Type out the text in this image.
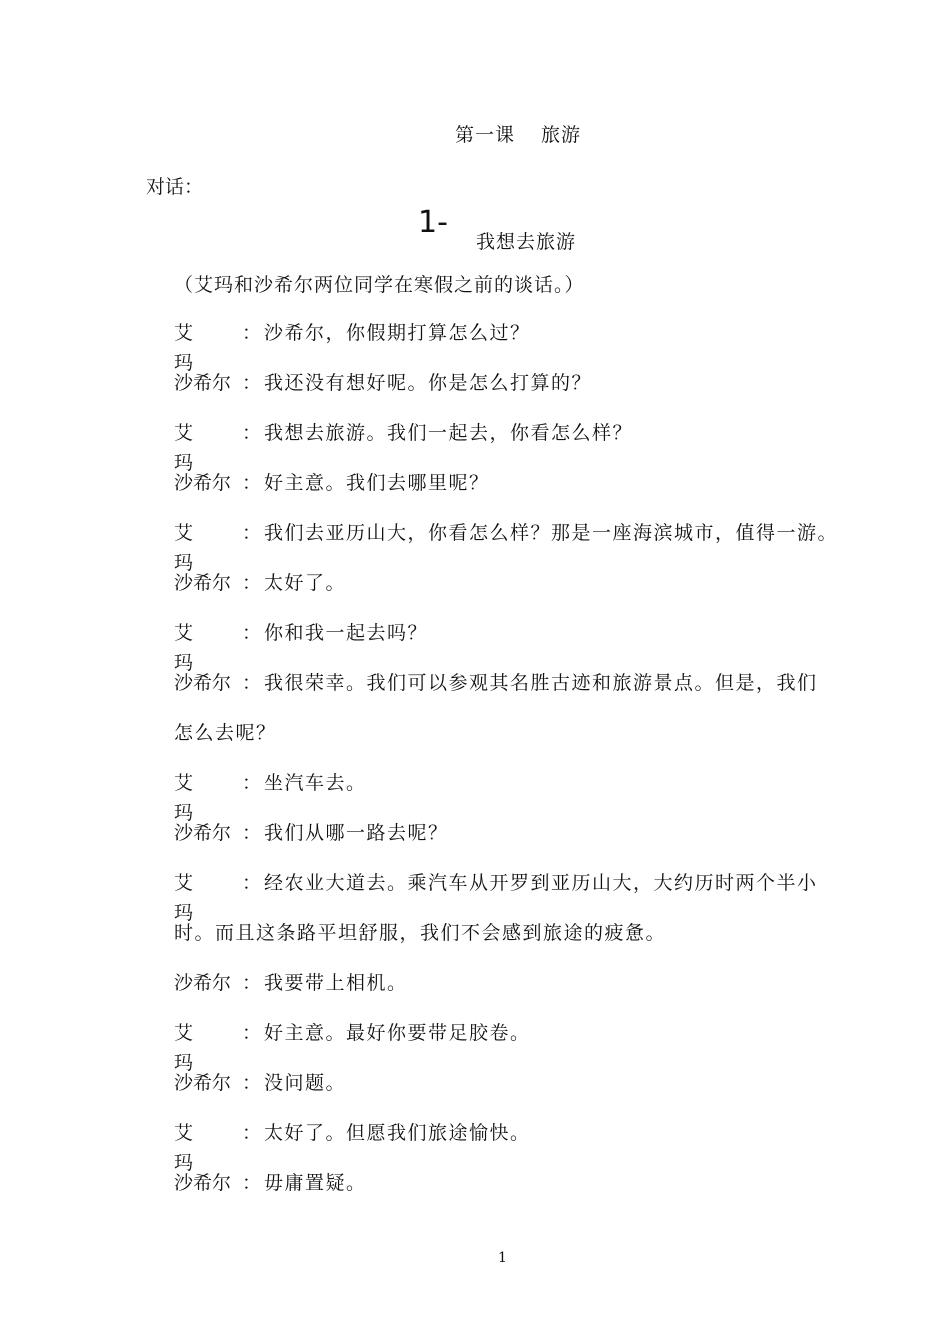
第一课 旅游
对话：
1-
我想去旅游
（艾玛和沙希尔两位同学在寒假之前的谈话。）
艾玛
： 沙希尔，你假期打算怎么过？
沙希尔 ： 我还没有想好呢。你是怎么打算的？
艾玛
： 我想去旅游。我们一起去，你看怎么样？
沙希尔 ： 好主意。我们去哪里呢？
艾玛
： 我们去亚历山大，你看怎么样？那是一座海滨城市，值得一游。
沙希尔 ： 太好了。
艾玛
： 你和我一起去吗？
沙希尔 ： 我很荣幸。我们可以参观其名胜古迹和旅游景点。但是，我们
怎么去呢？
艾玛
： 坐汽车去。
沙希尔 ： 我们从哪一路去呢？
艾玛
： 经农业大道去。乘汽车从开罗到亚历山大，大约历时两个半小
时。而且这条路平坦舒服，我们不会感到旅途的疲惫。
沙希尔 ： 我要带上相机。
艾玛
： 好主意。最好你要带足胶卷。
沙希尔 ： 没问题。
艾玛
： 太好了。但愿我们旅途愉快。
沙希尔 ： 毋庸置疑。
1
